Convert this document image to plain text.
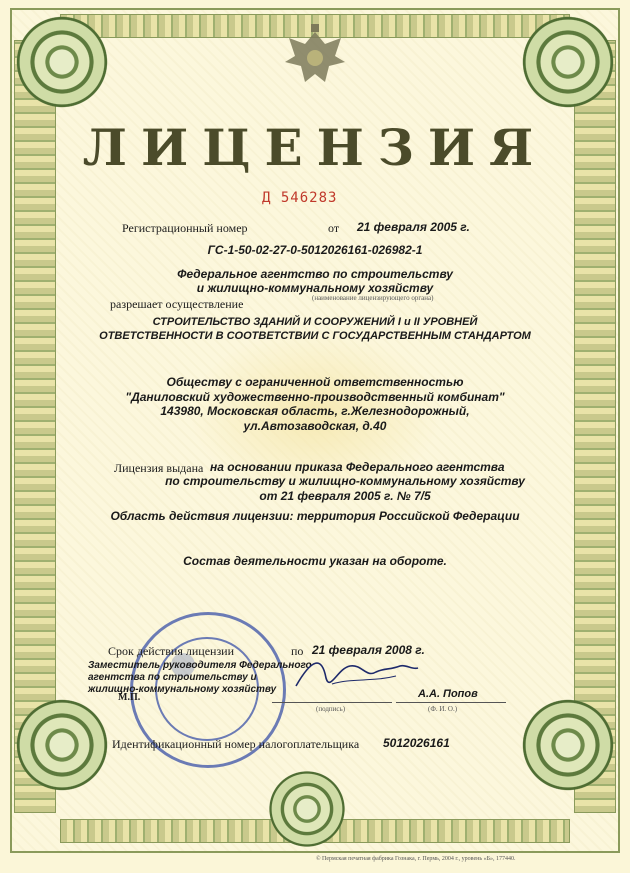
ЛИЦЕНЗИЯ
Д 546283
Регистрационный номер	от 21 февраля 2005 г.
ГС-1-50-02-27-0-5012026161-026982-1
Федеральное агентство по строительству
и жилищно-коммунальному хозяйству
(наименование лицензирующего органа)
разрешает осуществление
СТРОИТЕЛЬСТВО ЗДАНИЙ И СООРУЖЕНИЙ I и II УРОВНЕЙ
ОТВЕТСТВЕННОСТИ В СООТВЕТСТВИИ С ГОСУДАРСТВЕННЫМ СТАНДАРТОМ
Обществу с ограниченной ответственностью
"Даниловский художественно-производственный комбинат"
143980, Московская область, г.Железнодорожный,
ул.Автозаводская, д.40
Лицензия выдана на основании приказа Федерального агентства
по строительству и жилищно-коммунальному хозяйству
от 21 февраля 2005 г. № 7/5
Область действия лицензии: территория Российской Федерации
Состав деятельности указан на обороте.
Срок действия лицензии	по 21 февраля 2008 г.
Заместитель руководителя Федерального
агентства по строительству и
жилищно-коммунальному хозяйству
М.П.	А.А. Попов
(подпись)	(Ф. И. О.)
Идентификационный номер налогоплательщика 5012026161
© Пермская печатная фабрика Гознака, г. Пермь, 2004 г., уровень «Б», 177440.
